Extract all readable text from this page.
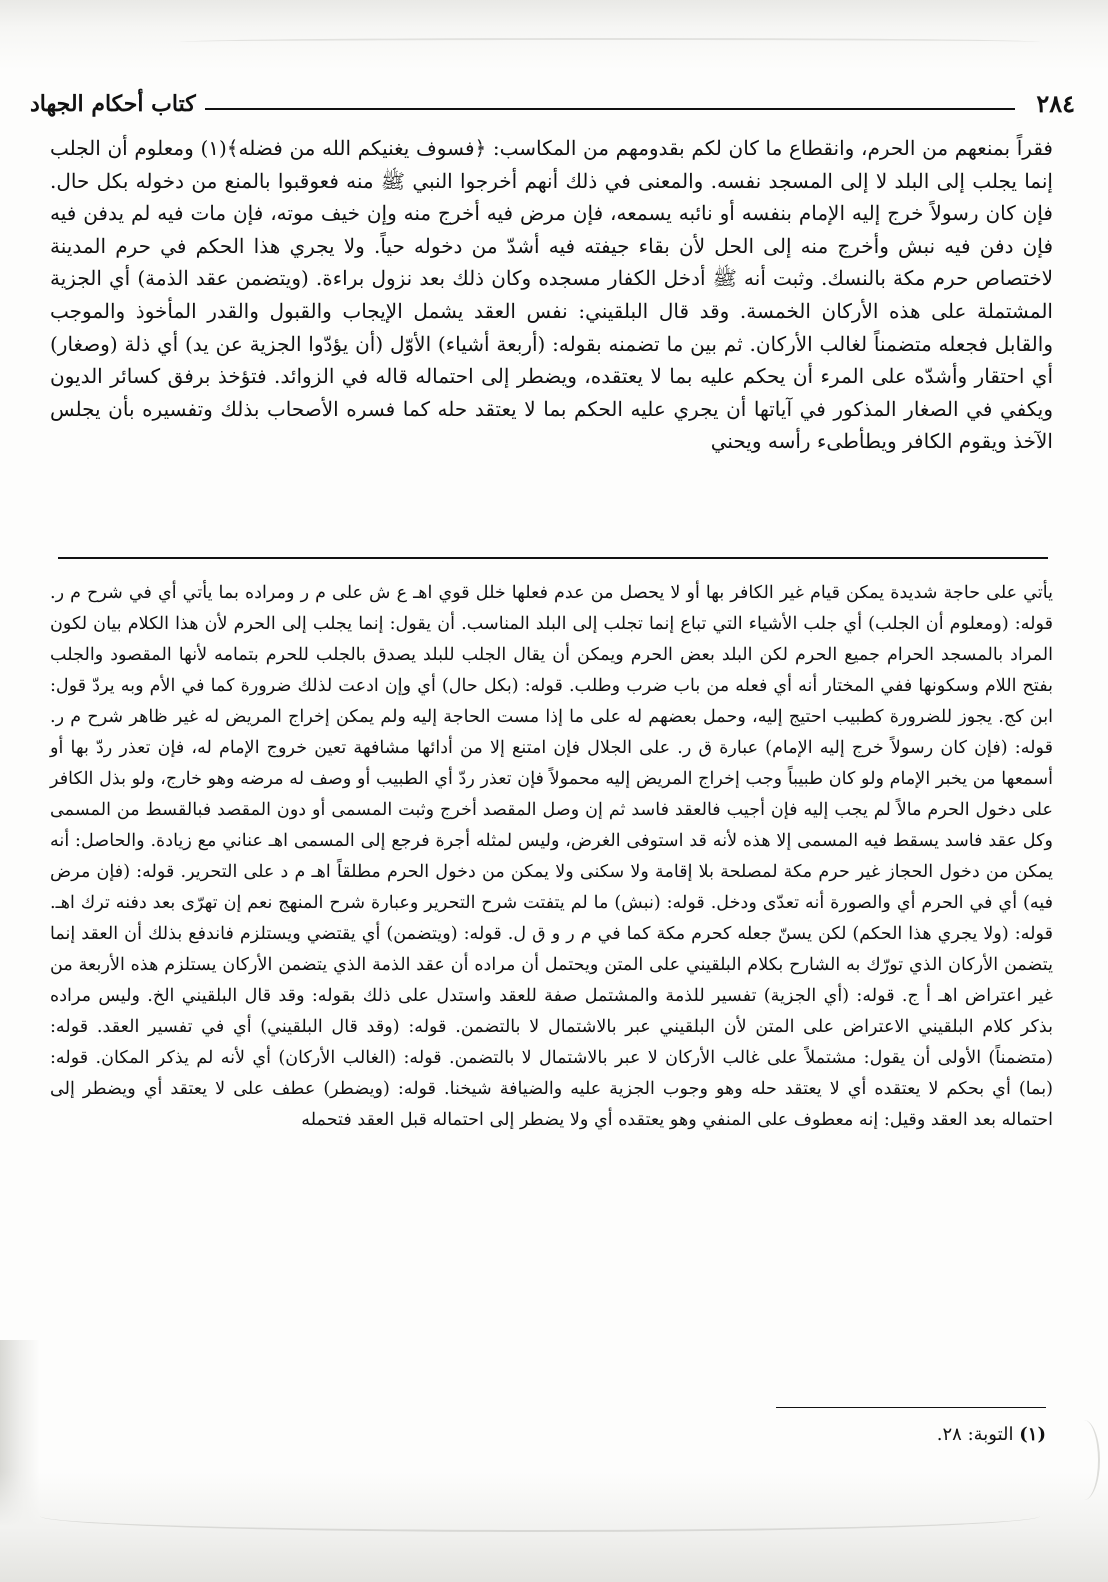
٢٨٤
كتاب أحكام الجهاد

فقراً بمنعهم من الحرم، وانقطاع ما كان لكم بقدومهم من المكاسب: ﴿فسوف يغنيكم الله من فضله﴾(١) ومعلوم أن الجلب إنما يجلب إلى البلد لا إلى المسجد نفسه. والمعنى في ذلك أنهم أخرجوا النبي ﷺ منه فعوقبوا بالمنع من دخوله بكل حال. فإن كان رسولاً خرج إليه الإمام بنفسه أو نائبه يسمعه، فإن مرض فيه أخرج منه وإن خيف موته، فإن مات فيه لم يدفن فيه فإن دفن فيه نبش وأخرج منه إلى الحل لأن بقاء جيفته فيه أشدّ من دخوله حياً. ولا يجري هذا الحكم في حرم المدينة لاختصاص حرم مكة بالنسك. وثبت أنه ﷺ أدخل الكفار مسجده وكان ذلك بعد نزول براءة. (ويتضمن عقد الذمة) أي الجزية المشتملة على هذه الأركان الخمسة. وقد قال البلقيني: نفس العقد يشمل الإيجاب والقبول والقدر المأخوذ والموجب والقابل فجعله متضمناً لغالب الأركان. ثم بين ما تضمنه بقوله: (أربعة أشياء) الأوّل (أن يؤدّوا الجزية عن يد) أي ذلة (وصغار) أي احتقار وأشدّه على المرء أن يحكم عليه بما لا يعتقده، ويضطر إلى احتماله قاله في الزوائد. فتؤخذ برفق كسائر الديون ويكفي في الصغار المذكور في آياتها أن يجري عليه الحكم بما لا يعتقد حله كما فسره الأصحاب بذلك وتفسيره بأن يجلس الآخذ ويقوم الكافر ويطأطىء رأسه ويحني

يأتي على حاجة شديدة يمكن قيام غير الكافر بها أو لا يحصل من عدم فعلها خلل قوي اهـ ع ش على م ر ومراده بما يأتي أي في شرح م ر. قوله: (ومعلوم أن الجلب) أي جلب الأشياء التي تباع إنما تجلب إلى البلد المناسب. أن يقول: إنما يجلب إلى الحرم لأن هذا الكلام بيان لكون المراد بالمسجد الحرام جميع الحرم لكن البلد بعض الحرم ويمكن أن يقال الجلب للبلد يصدق بالجلب للحرم بتمامه لأنها المقصود والجلب بفتح اللام وسكونها ففي المختار أنه أي فعله من باب ضرب وطلب. قوله: (بكل حال) أي وإن ادعت لذلك ضرورة كما في الأم وبه يردّ قول: ابن كج. يجوز للضرورة كطبيب احتيج إليه، وحمل بعضهم له على ما إذا مست الحاجة إليه ولم يمكن إخراج المريض له غير ظاهر شرح م ر. قوله: (فإن كان رسولاً خرج إليه الإمام) عبارة ق ر. على الجلال فإن امتنع إلا من أدائها مشافهة تعين خروج الإمام له، فإن تعذر ردّ بها أو أسمعها من يخبر الإمام ولو كان طبيباً وجب إخراج المريض إليه محمولاً فإن تعذر ردّ أي الطبيب أو وصف له مرضه وهو خارج، ولو بذل الكافر على دخول الحرم مالاً لم يجب إليه فإن أجيب فالعقد فاسد ثم إن وصل المقصد أخرج وثبت المسمى أو دون المقصد فبالقسط من المسمى وكل عقد فاسد يسقط فيه المسمى إلا هذه لأنه قد استوفى الغرض، وليس لمثله أجرة فرجع إلى المسمى اهـ عناني مع زيادة. والحاصل: أنه يمكن من دخول الحجاز غير حرم مكة لمصلحة بلا إقامة ولا سكنى ولا يمكن من دخول الحرم مطلقاً اهـ م د على التحرير. قوله: (فإن مرض فيه) أي في الحرم أي والصورة أنه تعدّى ودخل. قوله: (نبش) ما لم يتفتت شرح التحرير وعبارة شرح المنهج نعم إن تهرّى بعد دفنه ترك اهـ. قوله: (ولا يجري هذا الحكم) لكن يسنّ جعله كحرم مكة كما في م ر و ق ل. قوله: (ويتضمن) أي يقتضي ويستلزم فاندفع بذلك أن العقد إنما يتضمن الأركان الذي تورّك به الشارح بكلام البلقيني على المتن ويحتمل أن مراده أن عقد الذمة الذي يتضمن الأركان يستلزم هذه الأربعة من غير اعتراض اهـ أ ج. قوله: (أي الجزية) تفسير للذمة والمشتمل صفة للعقد واستدل على ذلك بقوله: وقد قال البلقيني الخ. وليس مراده بذكر كلام البلقيني الاعتراض على المتن لأن البلقيني عبر بالاشتمال لا بالتضمن. قوله: (وقد قال البلقيني) أي في تفسير العقد. قوله: (متضمناً) الأولى أن يقول: مشتملاً على غالب الأركان لا عبر بالاشتمال لا بالتضمن. قوله: (الغالب الأركان) أي لأنه لم يذكر المكان. قوله: (بما) أي بحكم لا يعتقده أي لا يعتقد حله وهو وجوب الجزية عليه والضيافة شيخنا. قوله: (ويضطر) عطف على لا يعتقد أي ويضطر إلى احتماله بعد العقد وقيل: إنه معطوف على المنفي وهو يعتقده أي ولا يضطر إلى احتماله قبل العقد فتحمله

(١) التوبة: ٢٨.
